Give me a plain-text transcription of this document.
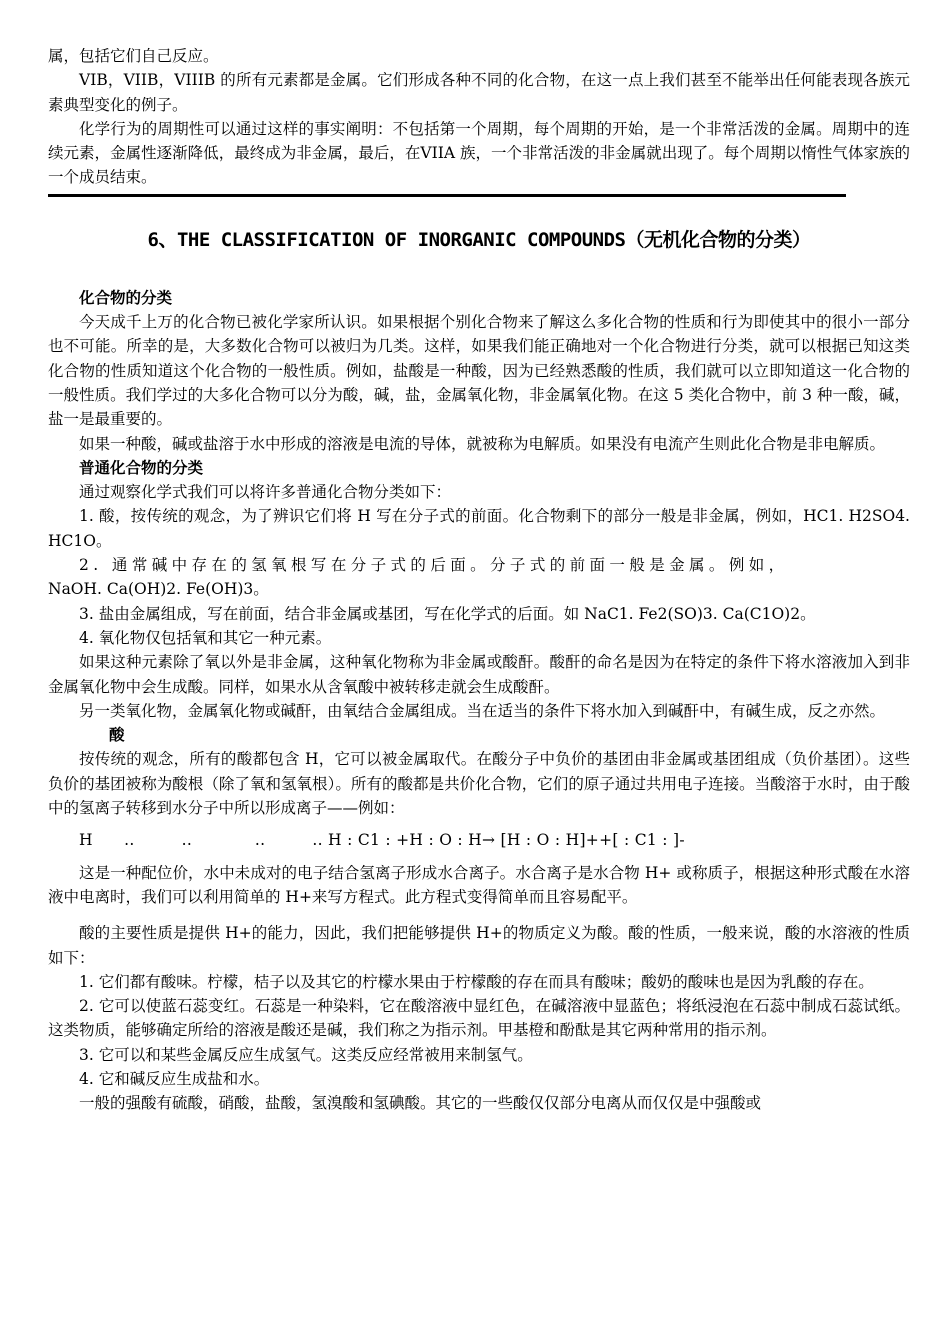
属，包括它们自己反应。

VIB，VIIB，VIIIB 的所有元素都是金属。它们形成各种不同的化合物，在这一点上我们甚至不能举出任何能表现各族元素典型变化的例子。

化学行为的周期性可以通过这样的事实阐明：不包括第一个周期，每个周期的开始，是一个非常活泼的金属。周期中的连续元素，金属性逐渐降低，最终成为非金属，最后，在VIIA 族，一个非常活泼的非金属就出现了。每个周期以惰性气体家族的一个成员结束。

6、THE CLASSIFICATION OF INORGANIC COMPOUNDS（无机化合物的分类）

化合物的分类

今天成千上万的化合物已被化学家所认识。如果根据个别化合物来了解这么多化合物的性质和行为即使其中的很小一部分也不可能。所幸的是，大多数化合物可以被归为几类。这样，如果我们能正确地对一个化合物进行分类，就可以根据已知这类化合物的性质知道这个化合物的一般性质。例如，盐酸是一种酸，因为已经熟悉酸的性质，我们就可以立即知道这一化合物的一般性质。我们学过的大多化合物可以分为酸，碱，盐，金属氧化物，非金属氧化物。在这 5 类化合物中，前 3 种一酸，碱，盐一是最重要的。

如果一种酸，碱或盐溶于水中形成的溶液是电流的导体，就被称为电解质。如果没有电流产生则此化合物是非电解质。

普通化合物的分类

通过观察化学式我们可以将许多普通化合物分类如下：

1. 酸，按传统的观念，为了辨识它们将 H 写在分子式的前面。化合物剩下的部分一般是非金属，例如，HC1. H2SO4. HC1O。

2. 通常碱中存在的氢氧根写在分子式的后面。分子式的前面一般是金属。例如，

NaOH. Ca(OH)2. Fe(OH)3。

3. 盐由金属组成，写在前面，结合非金属或基团，写在化学式的后面。如 NaC1. Fe2(SO)3. Ca(C1O)2。

4. 氧化物仅包括氧和其它一种元素。

如果这种元素除了氧以外是非金属，这种氧化物称为非金属或酸酐。酸酐的命名是因为在特定的条件下将水溶液加入到非金属氧化物中会生成酸。同样，如果水从含氧酸中被转移走就会生成酸酐。

另一类氧化物，金属氧化物或碱酐，由氧结合金属组成。当在适当的条件下将水加入到碱酐中，有碱生成，反之亦然。

酸

按传统的观念，所有的酸都包含 H，它可以被金属取代。在酸分子中负价的基团由非金属或基团组成（负价基团）。这些负价的基团被称为酸根（除了氧和氢氧根）。所有的酸都是共价化合物，它们的原子通过共用电子连接。当酸溶于水时，由于酸中的氢离子转移到水分子中所以形成离子——例如：

H      ..         ..            ..         .. H : C1 : +H : O : H→ [H : O : H]++[ : C1 : ]-

这是一种配位价，水中未成对的电子结合氢离子形成水合离子。水合离子是水合物 H+ 或称质子，根据这种形式酸在水溶液中电离时，我们可以利用简单的 H+来写方程式。此方程式变得简单而且容易配平。

酸的主要性质是提供 H+的能力，因此，我们把能够提供 H+的物质定义为酸。酸的性质，一般来说，酸的水溶液的性质如下：

1. 它们都有酸味。柠檬，桔子以及其它的柠檬水果由于柠檬酸的存在而具有酸味；酸奶的酸味也是因为乳酸的存在。

2. 它可以使蓝石蕊变红。石蕊是一种染料，它在酸溶液中显红色，在碱溶液中显蓝色；将纸浸泡在石蕊中制成石蕊试纸。这类物质，能够确定所给的溶液是酸还是碱，我们称之为指示剂。甲基橙和酚酞是其它两种常用的指示剂。

3. 它可以和某些金属反应生成氢气。这类反应经常被用来制氢气。

4. 它和碱反应生成盐和水。

一般的强酸有硫酸，硝酸，盐酸，氢溴酸和氢碘酸。其它的一些酸仅仅部分电离从而仅仅是中强酸或
